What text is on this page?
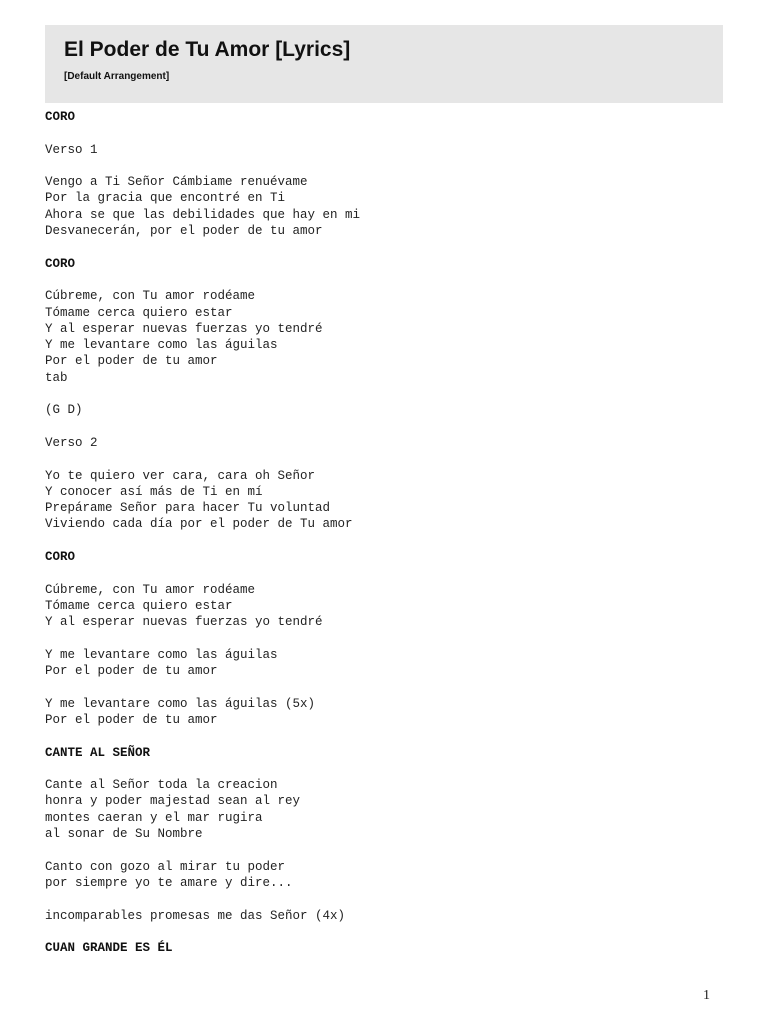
El Poder de Tu Amor [Lyrics]
[Default Arrangement]
CORO
Verso 1
Vengo a Ti Señor Cámbiame renuévame
Por la gracia que encontré en Ti
Ahora se que las debilidades que hay en mi
Desvanecerán, por el poder de tu amor
CORO
Cúbreme, con Tu amor rodéame
Tómame cerca quiero estar
Y al esperar nuevas fuerzas yo tendré
Y me levantare como las águilas
Por el poder de tu amor
tab
(G D)
Verso 2
Yo te quiero ver cara, cara oh Señor
Y conocer así más de Ti en mí
Prepárame Señor para hacer Tu voluntad
Viviendo cada día por el poder de Tu amor
CORO
Cúbreme, con Tu amor rodéame
Tómame cerca quiero estar
Y al esperar nuevas fuerzas yo tendré
Y me levantare como las águilas
Por el poder de tu amor
Y me levantare como las águilas (5x)
Por el poder de tu amor
CANTE AL SEÑOR
Cante al Señor toda la creacion
honra y poder majestad sean al rey
montes caeran y el mar rugira
al sonar de Su Nombre
Canto con gozo al mirar tu poder
por siempre yo te amare y dire...
incomparables promesas me das Señor (4x)
CUAN GRANDE ES ÉL
1
